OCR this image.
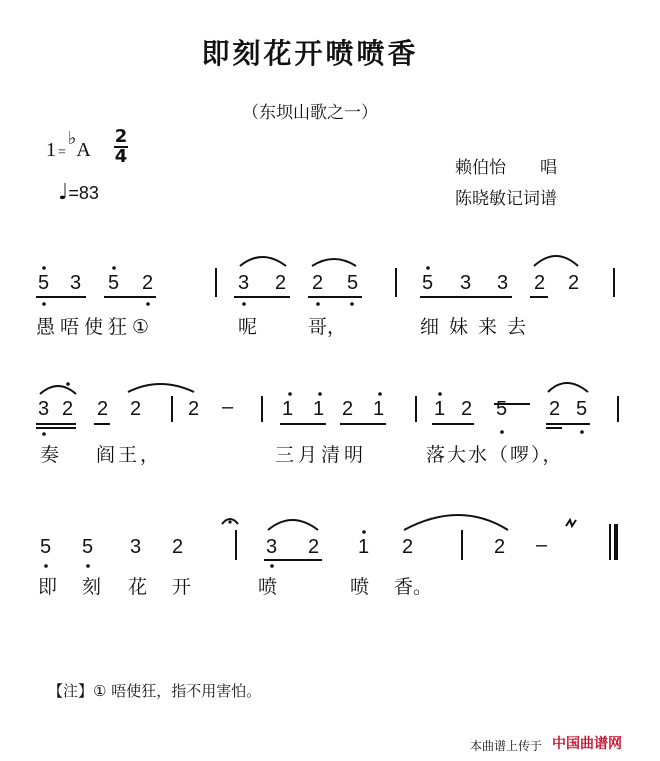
即刻花开喷喷香
（东坝山歌之一）
1 =♭A
2
4
♩=83
赖伯怡　　唱
陈晓敏记词谱
5 3 5 2	3 2 2 5	5 3 3 2 2
愚唔使狂①	呢	哥，	细妹来去
3 2 2 2 2 – 1 1 2 1 1 2 5 2 5
奏 阎王，	三月清明	落大水（啰），
5 5 3 2	3 2 1 2	2 –
即 刻 花 开	喷	喷 香。
【注】① 唔使狂，指不用害怕。
本曲谱上传于 中国曲谱网
